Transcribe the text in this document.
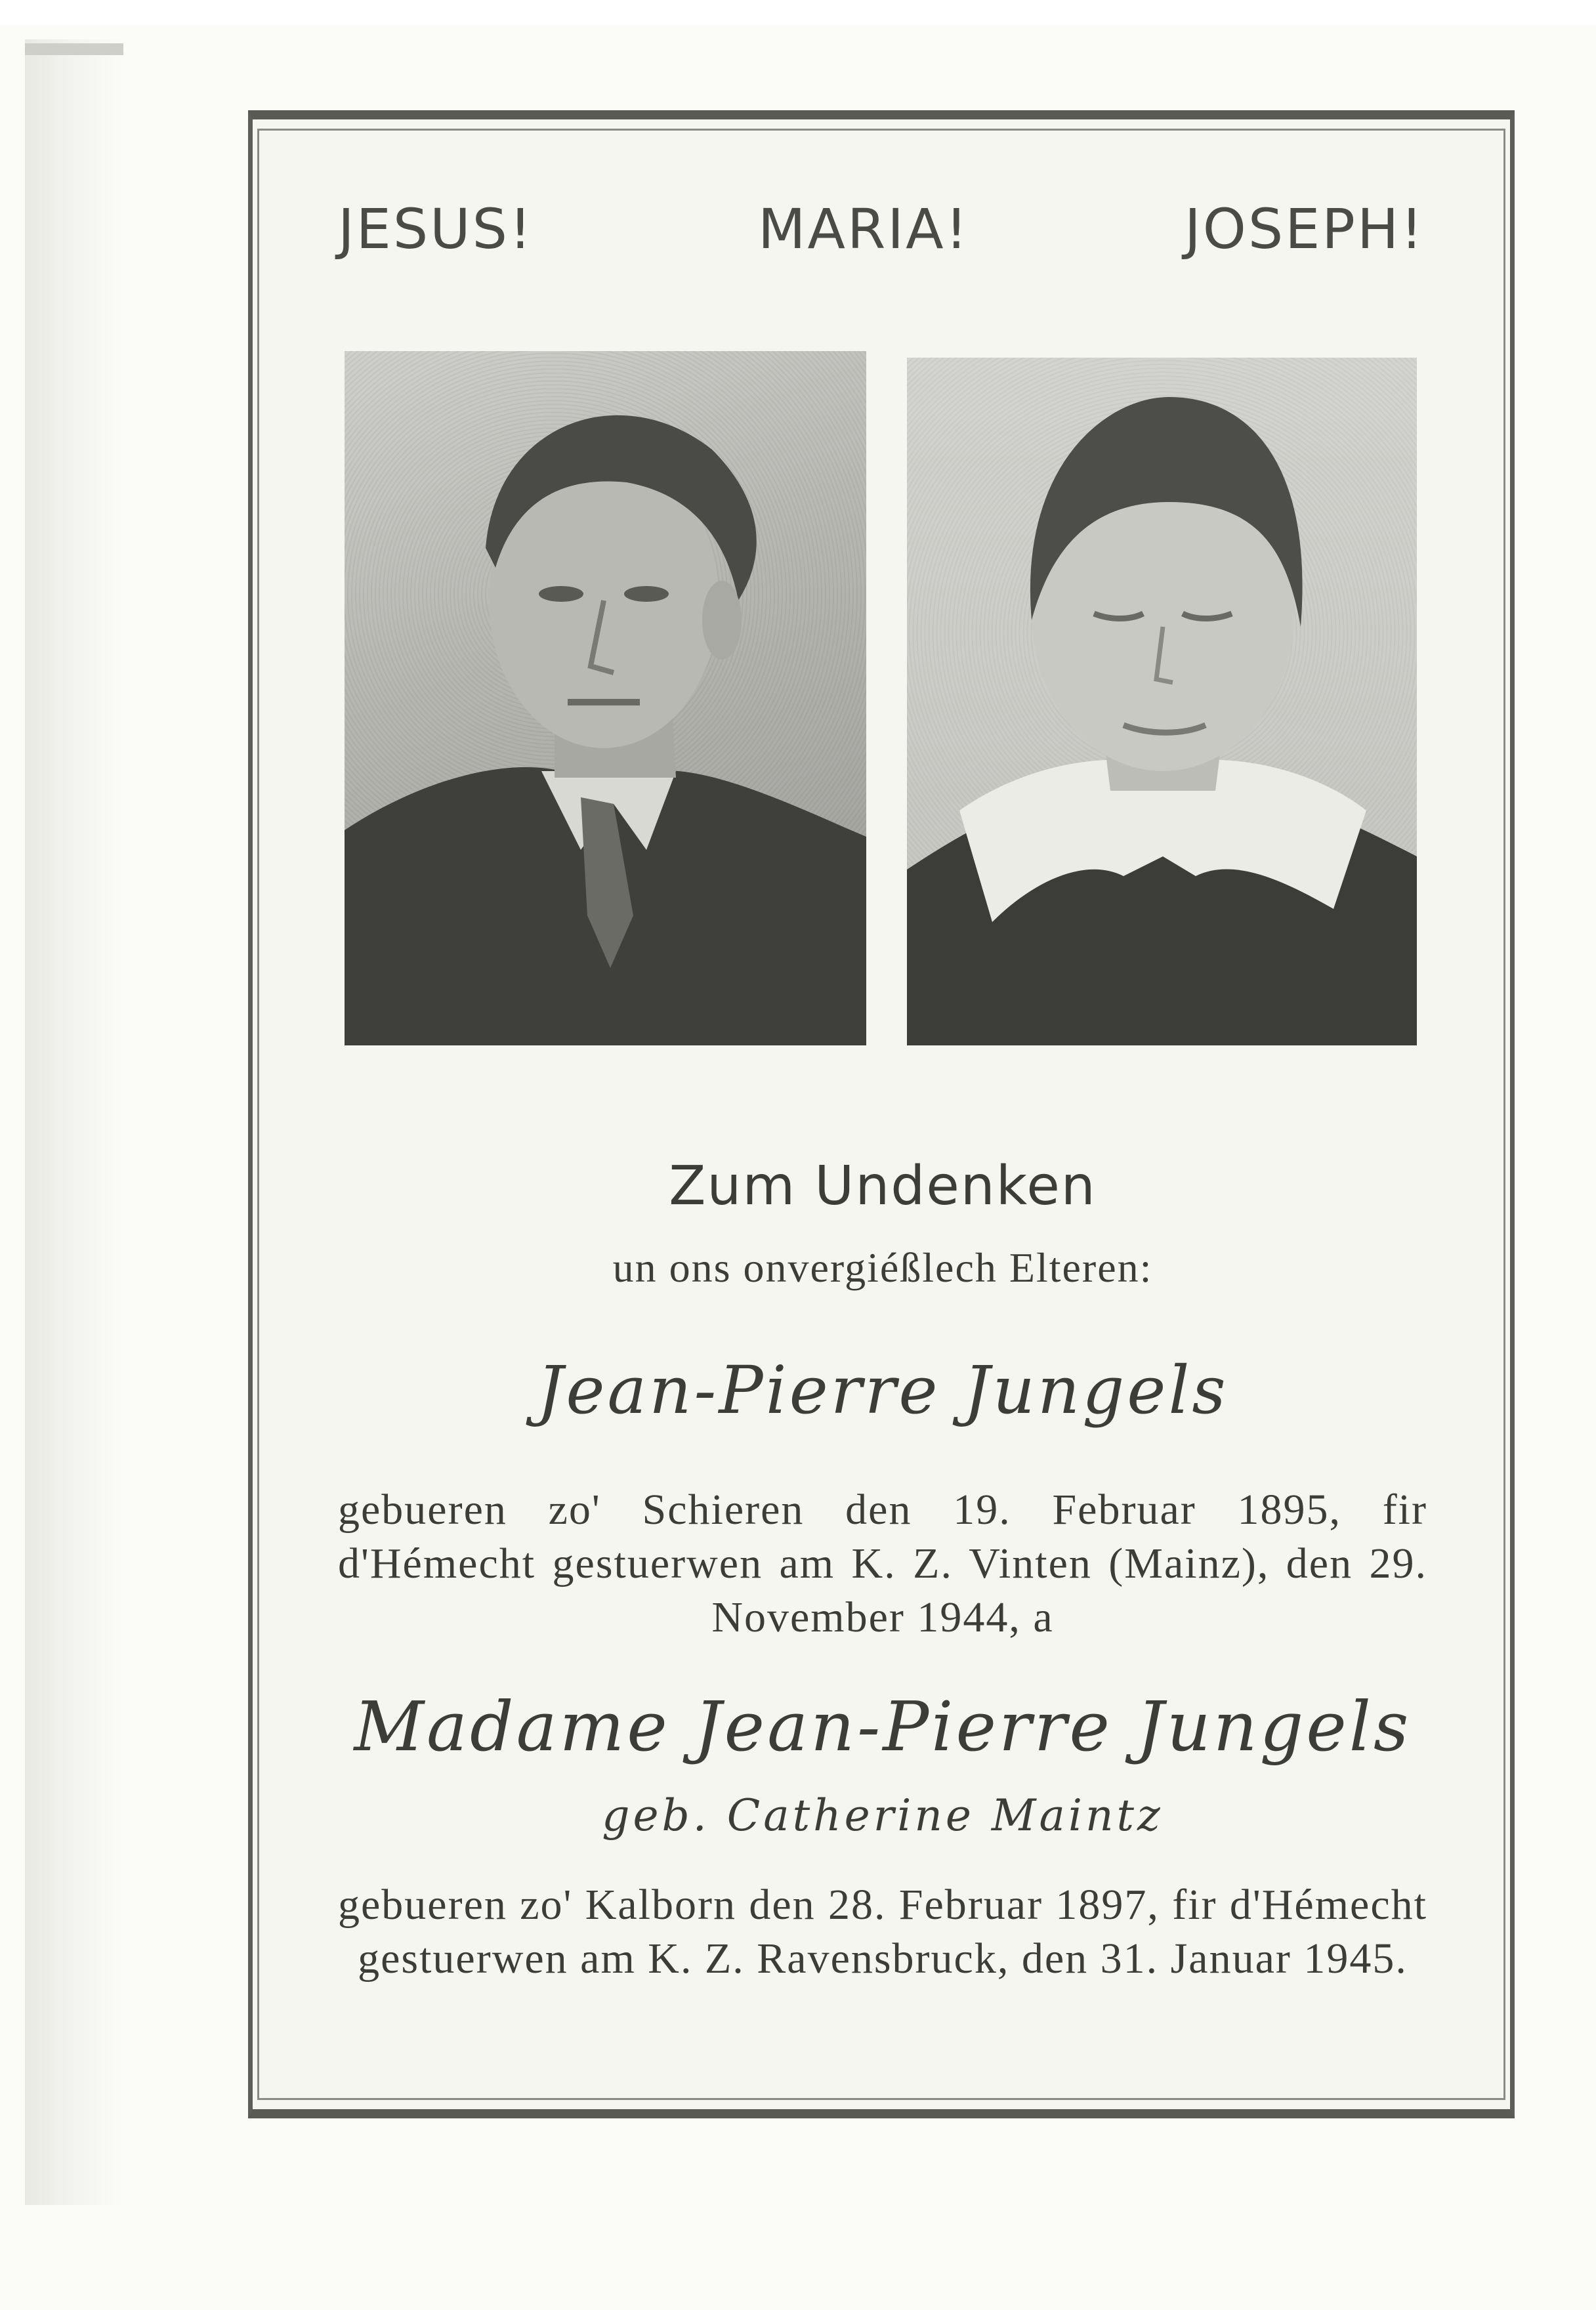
JESUS!	MARIA!	JOSEPH!
Zum Undenken
un ons onvergiéßlech Elteren:
Jean-Pierre Jungels
gebueren zo' Schieren den 19. Februar 1895, fir d'Hémecht gestuerwen am K. Z. Vinten (Mainz), den 29. November 1944, a
Madame Jean-Pierre Jungels
geb. Catherine Maintz
gebueren zo' Kalborn den 28. Februar 1897, fir d'Hémecht gestuerwen am K. Z. Ravensbruck, den 31. Januar 1945.
